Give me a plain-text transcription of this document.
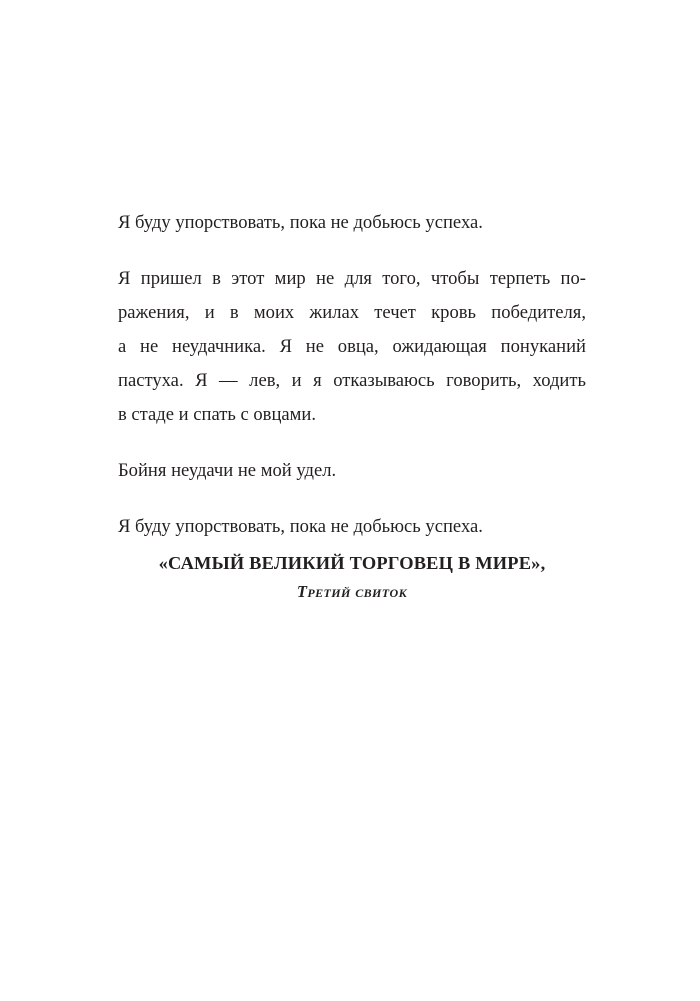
Я буду упорствовать, пока не добьюсь успеха.

Я пришел в этот мир не для того, чтобы терпеть по-
ражения, и в моих жилах течет кровь победителя,
а не неудачника. Я не овца, ожидающая понуканий
пастуха. Я — лев, и я отказываюсь говорить, ходить
в стаде и спать с овцами.

Бойня неудачи не мой удел.

Я буду упорствовать, пока не добьюсь успеха.

«САМЫЙ ВЕЛИКИЙ ТОРГОВЕЦ В МИРЕ»,
Третий свиток
